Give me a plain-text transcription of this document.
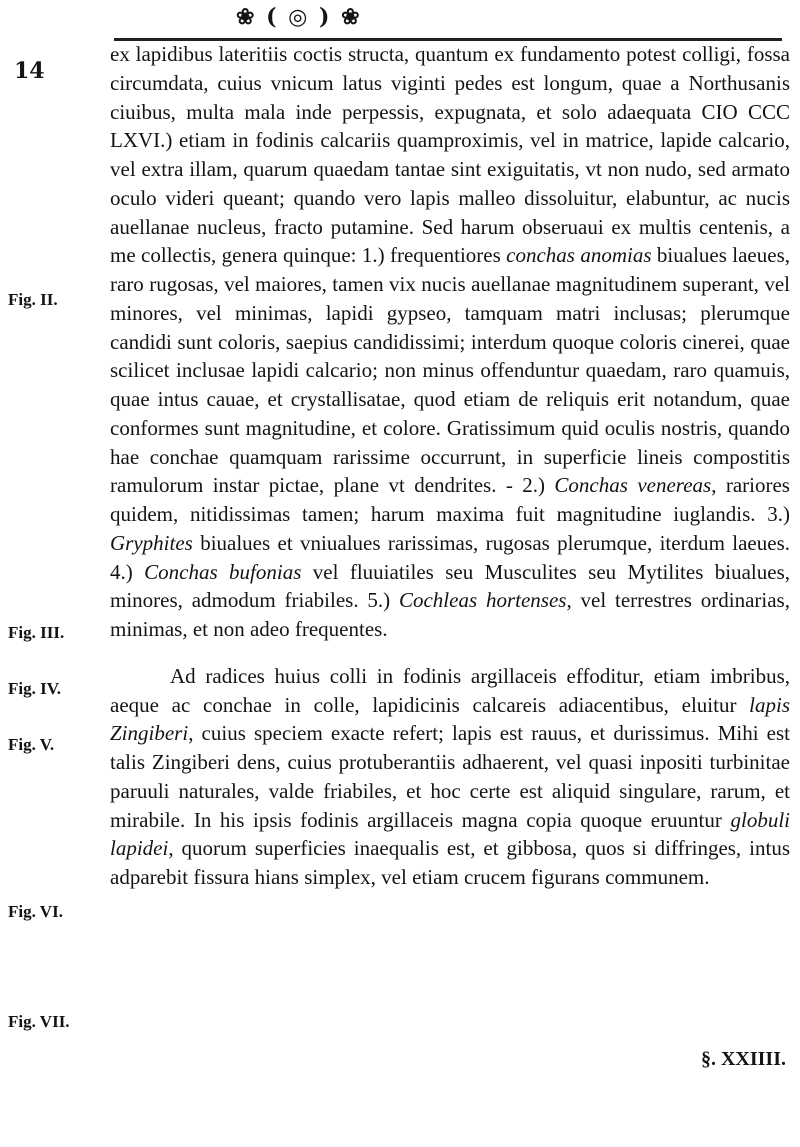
14
❀ ( ◎ ) ❀
Fig. II.
Fig. III.
Fig. IV.
Fig. V.
Fig. VI.
Fig. VII.

ex lapidibus lateritiis coctis structa, quantum ex fundamento potest colligi, fossa circumdata, cuius vnicum latus viginti pedes est longum, quae a Northusanis ciuibus, multa mala inde perpessis, expugnata, et solo adaequata CIO CCC LXVI.) etiam in fodinis calcariis quamproximis, vel in matrice, lapide calcario, vel extra illam, quarum quaedam tantae sint exiguitatis, vt non nudo, sed armato oculo videri queant; quando vero lapis malleo dissoluitur, elabuntur, ac nucis auellanae nucleus, fracto putamine. Sed harum obseruaui ex multis centenis, a me collectis, genera quinque: 1.) frequentiores conchas anomias biualues laeues, raro rugosas, vel maiores, tamen vix nucis auellanae magnitudinem superant, vel minores, vel minimas, lapidi gypseo, tamquam matri inclusas; plerumque candidi sunt coloris, saepius candidissimi; interdum quoque coloris cinerei, quae scilicet inclusae lapidi calcario; non minus offenduntur quaedam, raro quamuis, quae intus cauae, et crystallisatae, quod etiam de reliquis erit notandum, quae conformes sunt magnitudine, et colore. Gratissimum quid oculis nostris, quando hae conchae quamquam rarissime occurrunt, in superficie lineis compostitis ramulorum instar pictae, plane vt dendrites. - 2.) Conchas venereas, rariores quidem, nitidissimas tamen; harum maxima fuit magnitudine iuglandis. 3.) Gryphites biualues et vniualues rarissimas, rugosas plerumque, iterdum laeues. 4.) Conchas bufonias vel fluuiatiles seu Musculites seu Mytilites biualues, minores, admodum friabiles. 5.) Cochleas hortenses, vel terrestres ordinarias, minimas, et non adeo frequentes.

Ad radices huius colli in fodinis argillaceis effoditur, etiam imbribus, aeque ac conchae in colle, lapidicinis calcareis adiacentibus, eluitur lapis Zingiberi, cuius speciem exacte refert; lapis est rauus, et durissimus. Mihi est talis Zingiberi dens, cuius protuberantiis adhaerent, vel quasi inpositi turbinitae paruuli naturales, valde friabiles, et hoc certe est aliquid singulare, rarum, et mirabile. In his ipsis fodinis argillaceis magna copia quoque eruuntur globuli lapidei, quorum superficies inaequalis est, et gibbosa, quos si diffringes, intus adparebit fissura hians simplex, vel etiam crucem figurans communem.

§. XXIIII.
